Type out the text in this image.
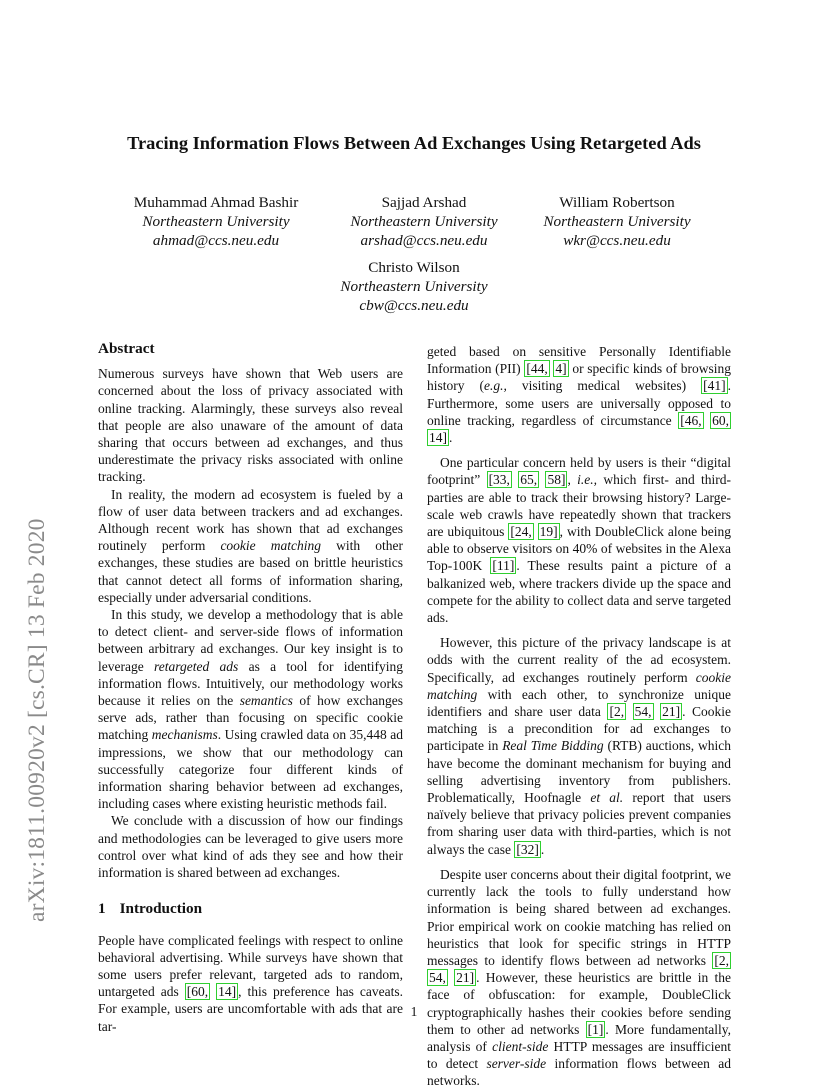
arXiv:1811.00920v2 [cs.CR] 13 Feb 2020
Tracing Information Flows Between Ad Exchanges Using Retargeted Ads
Muhammad Ahmad Bashir
Northeastern University
ahmad@ccs.neu.edu
Sajjad Arshad
Northeastern University
arshad@ccs.neu.edu
William Robertson
Northeastern University
wkr@ccs.neu.edu
Christo Wilson
Northeastern University
cbw@ccs.neu.edu
Abstract

Numerous surveys have shown that Web users are concerned about the loss of privacy associated with online tracking. Alarmingly, these surveys also reveal that people are also unaware of the amount of data sharing that occurs between ad exchanges, and thus underestimate the privacy risks associated with online tracking.

In reality, the modern ad ecosystem is fueled by a flow of user data between trackers and ad exchanges. Although recent work has shown that ad exchanges routinely perform cookie matching with other exchanges, these studies are based on brittle heuristics that cannot detect all forms of information sharing, especially under adversarial conditions.

In this study, we develop a methodology that is able to detect client- and server-side flows of information between arbitrary ad exchanges. Our key insight is to leverage retargeted ads as a tool for identifying information flows. Intuitively, our methodology works because it relies on the semantics of how exchanges serve ads, rather than focusing on specific cookie matching mechanisms. Using crawled data on 35,448 ad impressions, we show that our methodology can successfully categorize four different kinds of information sharing behavior between ad exchanges, including cases where existing heuristic methods fail.

We conclude with a discussion of how our findings and methodologies can be leveraged to give users more control over what kind of ads they see and how their information is shared between ad exchanges.

1 Introduction

People have complicated feelings with respect to online behavioral advertising. While surveys have shown that some users prefer relevant, targeted ads to random, untargeted ads [60, 14] , this preference has caveats. For example, users are uncomfortable with ads that are tar-

geted based on sensitive Personally Identifiable Information (PII) [44, 4] or specific kinds of browsing history (e.g., visiting medical websites) [41] . Furthermore, some users are universally opposed to online tracking, regardless of circumstance [46, 60, 14] .

One particular concern held by users is their “digital footprint” [33, 65, 58] , i.e., which first- and third-parties are able to track their browsing history? Large-scale web crawls have repeatedly shown that trackers are ubiquitous [24, 19] , with DoubleClick alone being able to observe visitors on 40% of websites in the Alexa Top-100K [11] . These results paint a picture of a balkanized web, where trackers divide up the space and compete for the ability to collect data and serve targeted ads.

However, this picture of the privacy landscape is at odds with the current reality of the ad ecosystem. Specifically, ad exchanges routinely perform cookie matching with each other, to synchronize unique identifiers and share user data [2, 54, 21] . Cookie matching is a precondition for ad exchanges to participate in Real Time Bidding (RTB) auctions, which have become the dominant mechanism for buying and selling advertising inventory from publishers. Problematically, Hoofnagle et al. report that users naïvely believe that privacy policies prevent companies from sharing user data with third-parties, which is not always the case [32] .

Despite user concerns about their digital footprint, we currently lack the tools to fully understand how information is being shared between ad exchanges. Prior empirical work on cookie matching has relied on heuristics that look for specific strings in HTTP messages to identify flows between ad networks [2, 54, 21] . However, these heuristics are brittle in the face of obfuscation: for example, DoubleClick cryptographically hashes their cookies before sending them to other ad networks [1] . More fundamentally, analysis of client-side HTTP messages are insufficient to detect server-side information flows between ad networks.

1
